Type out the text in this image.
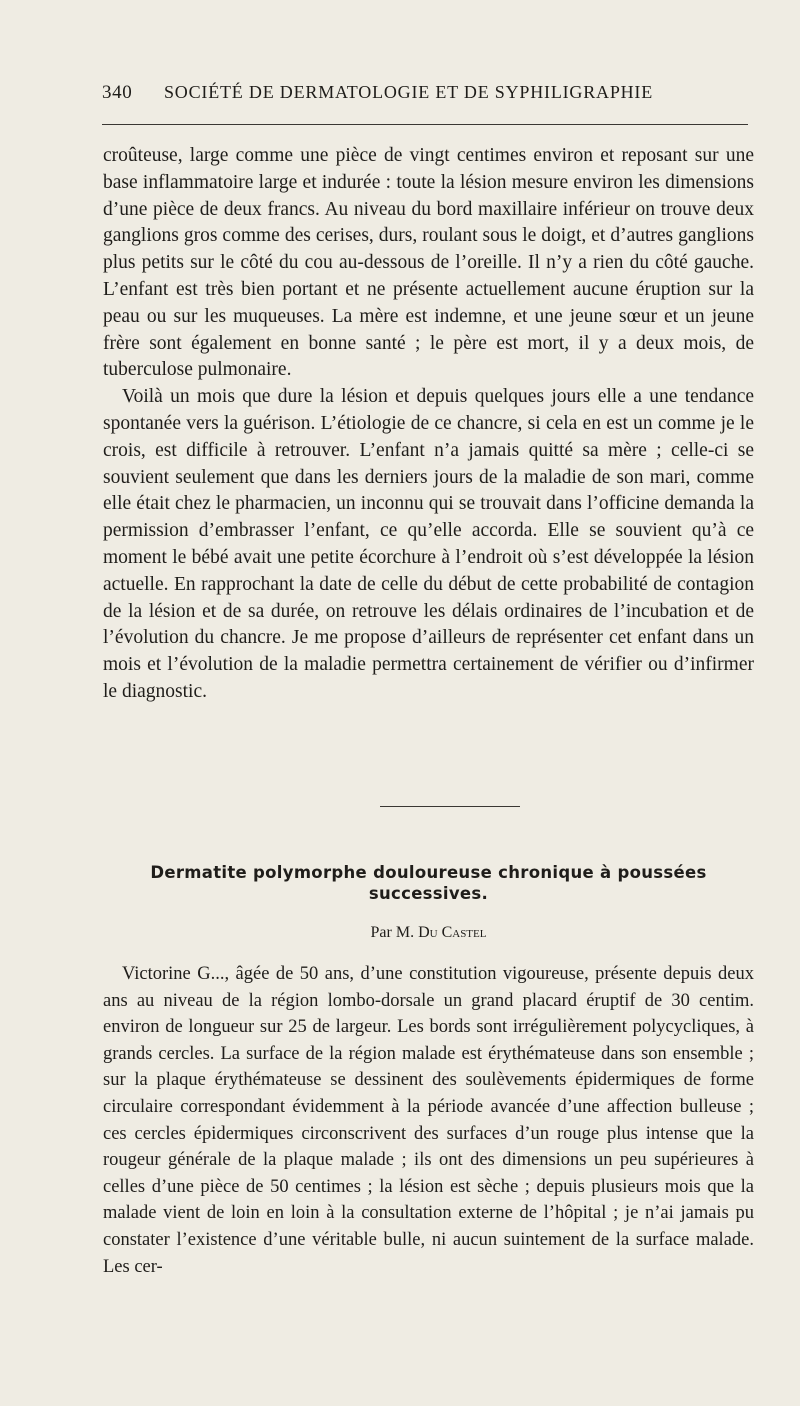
340 SOCIÉTÉ DE DERMATOLOGIE ET DE SYPHILIGRAPHIE

croûteuse, large comme une pièce de vingt centimes environ et reposant sur une base inflammatoire large et indurée : toute la lésion mesure environ les dimensions d’une pièce de deux francs. Au niveau du bord maxillaire inférieur on trouve deux ganglions gros comme des cerises, durs, roulant sous le doigt, et d’autres ganglions plus petits sur le côté du cou au-dessous de l’oreille. Il n’y a rien du côté gauche. L’enfant est très bien portant et ne présente actuellement aucune éruption sur la peau ou sur les muqueuses. La mère est indemne, et une jeune sœur et un jeune frère sont également en bonne santé ; le père est mort, il y a deux mois, de tuberculose pulmonaire.

Voilà un mois que dure la lésion et depuis quelques jours elle a une tendance spontanée vers la guérison. L’étiologie de ce chancre, si cela en est un comme je le crois, est difficile à retrouver. L’enfant n’a jamais quitté sa mère ; celle-ci se souvient seulement que dans les derniers jours de la maladie de son mari, comme elle était chez le pharmacien, un inconnu qui se trouvait dans l’officine demanda la permission d’embrasser l’enfant, ce qu’elle accorda. Elle se souvient qu’à ce moment le bébé avait une petite écorchure à l’endroit où s’est développée la lésion actuelle. En rapprochant la date de celle du début de cette probabilité de contagion de la lésion et de sa durée, on retrouve les délais ordinaires de l’incubation et de l’évolution du chancre. Je me propose d’ailleurs de représenter cet enfant dans un mois et l’évolution de la maladie permettra certainement de vérifier ou d’infirmer le diagnostic.

Dermatite polymorphe douloureuse chronique à poussées successives.
Par M. Du Castel

Victorine G..., âgée de 50 ans, d’une constitution vigoureuse, présente depuis deux ans au niveau de la région lombo-dorsale un grand placard éruptif de 30 centim. environ de longueur sur 25 de largeur. Les bords sont irrégulièrement polycycliques, à grands cercles. La surface de la région malade est érythémateuse dans son ensemble ; sur la plaque érythémateuse se dessinent des soulèvements épidermiques de forme circulaire correspondant évidemment à la période avancée d’une affection bulleuse ; ces cercles épidermiques circonscrivent des surfaces d’un rouge plus intense que la rougeur générale de la plaque malade ; ils ont des dimensions un peu supérieures à celles d’une pièce de 50 centimes ; la lésion est sèche ; depuis plusieurs mois que la malade vient de loin en loin à la consultation externe de l’hôpital ; je n’ai jamais pu constater l’existence d’une véritable bulle, ni aucun suintement de la surface malade. Les cer-
